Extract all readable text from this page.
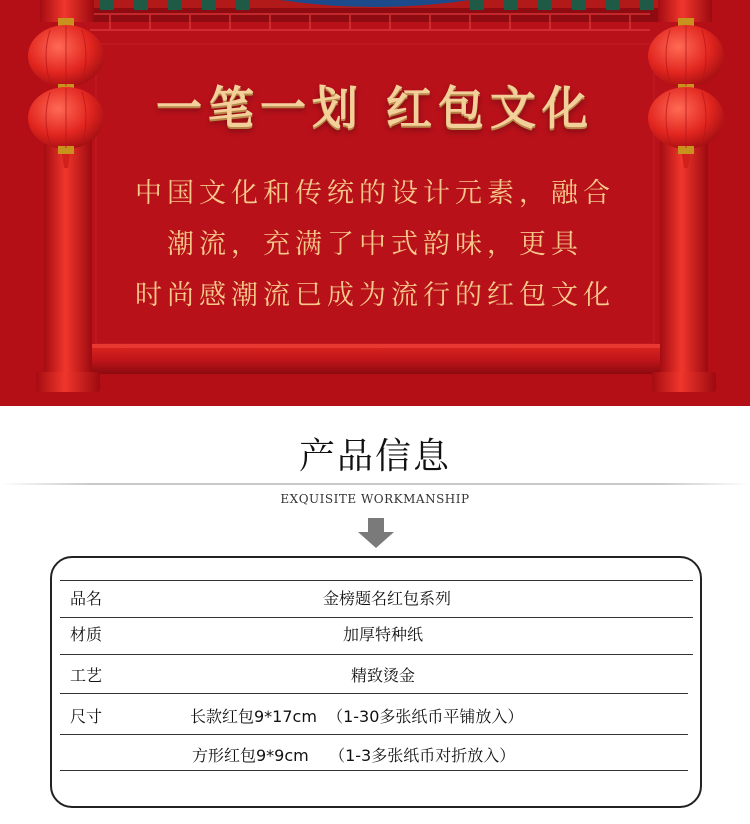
一笔一划 红包文化
中国文化和传统的设计元素，融合
潮流，充满了中式韵味，更具
时尚感潮流已成为流行的红包文化
产品信息
EXQUISITE WORKMANSHIP
品名	金榜题名红包系列
材质	加厚特种纸
工艺	精致烫金
尺寸	长款红包9*17cm  （1-30多张纸币平铺放入）
方形红包9*9cm    （1-3多张纸币对折放入）
